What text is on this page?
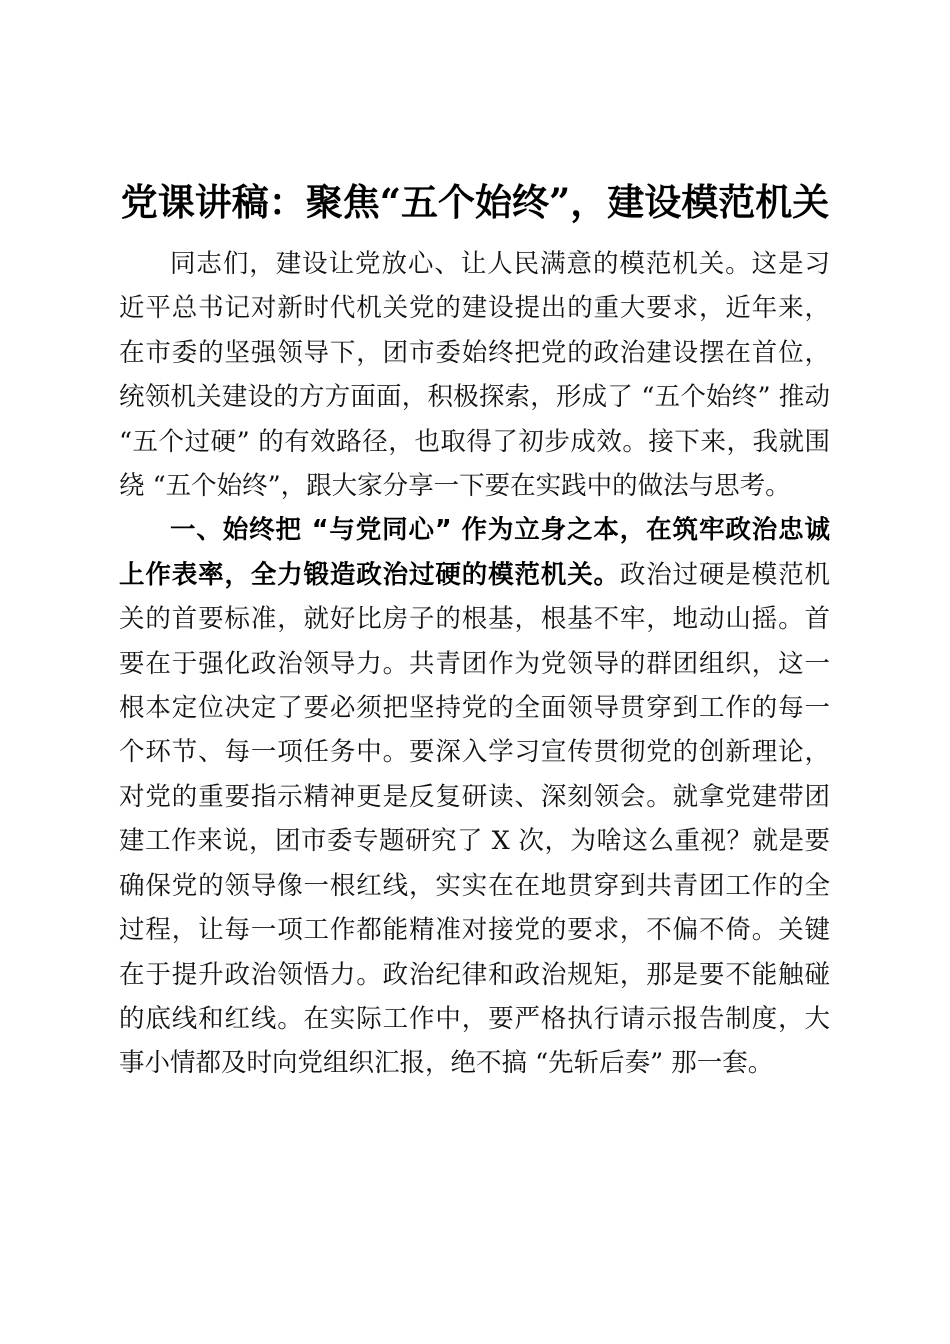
党课讲稿：聚焦“五个始终”，建设模范机关

同志们，建设让党放心、让人民满意的模范机关。这是习近平总书记对新时代机关党的建设提出的重大要求，近年来，在市委的坚强领导下，团市委始终把党的政治建设摆在首位，统领机关建设的方方面面，积极探索，形成了 “五个始终” 推动 “五个过硬” 的有效路径，也取得了初步成效。接下来，我就围绕 “五个始终”，跟大家分享一下要在实践中的做法与思考。

一、始终把 “与党同心” 作为立身之本，在筑牢政治忠诚上作表率，全力锻造政治过硬的模范机关。政治过硬是模范机关的首要标准，就好比房子的根基，根基不牢，地动山摇。首要在于强化政治领导力。共青团作为党领导的群团组织，这一根本定位决定了要必须把坚持党的全面领导贯穿到工作的每一个环节、每一项任务中。要深入学习宣传贯彻党的创新理论，对党的重要指示精神更是反复研读、深刻领会。就拿党建带团建工作来说，团市委专题研究了 X 次，为啥这么重视？就是要确保党的领导像一根红线，实实在在地贯穿到共青团工作的全过程，让每一项工作都能精准对接党的要求，不偏不倚。关键在于提升政治领悟力。政治纪律和政治规矩，那是要不能触碰的底线和红线。在实际工作中，要严格执行请示报告制度，大事小情都及时向党组织汇报，绝不搞 “先斩后奏” 那一套。
